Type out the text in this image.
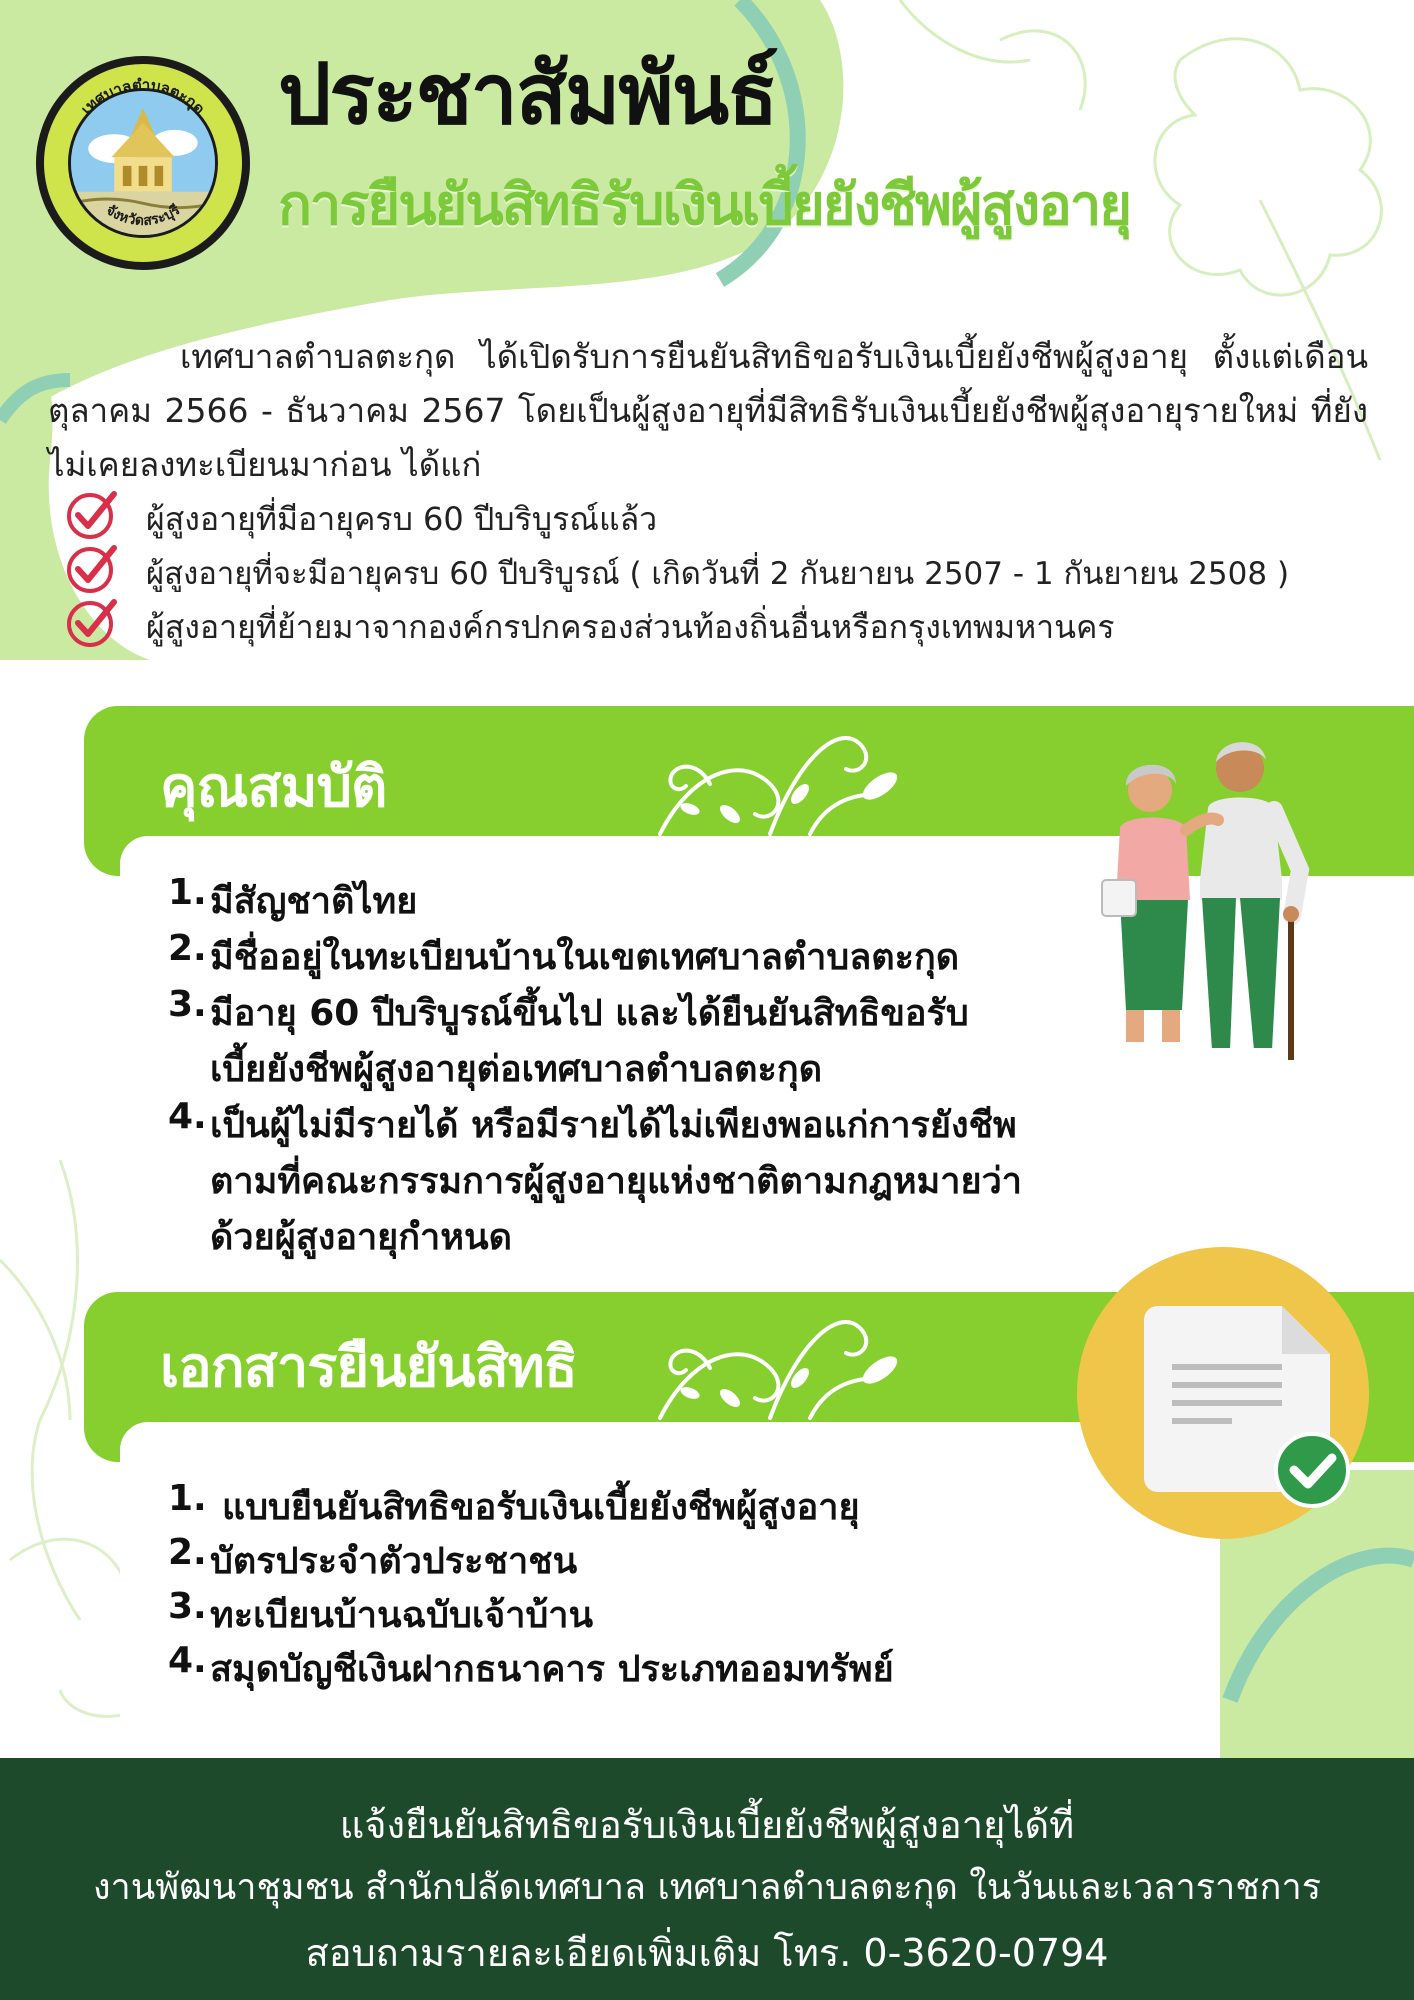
เทศบาลตำบลตะกุด
จังหวัดสระบุรี
ประชาสัมพันธ์
การยืนยันสิทธิรับเงินเบี้ยยังชีพผู้สูงอายุ
เทศบาลตำบลตะกุด ได้เปิดรับการยืนยันสิทธิขอรับเงินเบี้ยยังชีพผู้สูงอายุ ตั้งแต่เดือน ตุลาคม 2566 - ธันวาคม 2567 โดยเป็นผู้สูงอายุที่มีสิทธิรับเงินเบี้ยยังชีพผู้สุงอายุรายใหม่ ที่ยังไม่เคยลงทะเบียนมาก่อน ได้แก่
ผู้สูงอายุที่มีอายุครบ 60 ปีบริบูรณ์แล้ว
ผู้สูงอายุที่จะมีอายุครบ 60 ปีบริบูรณ์ ( เกิดวันที่ 2 กันยายน 2507 - 1 กันยายน 2508 )
ผู้สูงอายุที่ย้ายมาจากองค์กรปกครองส่วนท้องถิ่นอื่นหรือกรุงเทพมหานคร
คุณสมบัติ
1. มีสัญชาติไทย
2. มีชื่ออยู่ในทะเบียนบ้านในเขตเทศบาลตำบลตะกุด
3. มีอายุ 60 ปีบริบูรณ์ขึ้นไป และได้ยืนยันสิทธิขอรับ
เบี้ยยังชีพผู้สูงอายุต่อเทศบาลตำบลตะกุด
4. เป็นผู้ไม่มีรายได้ หรือมีรายได้ไม่เพียงพอแก่การยังชีพ
ตามที่คณะกรรมการผู้สูงอายุแห่งชาติตามกฎหมายว่า
ด้วยผู้สูงอายุกำหนด
เอกสารยืนยันสิทธิ
1. แบบยืนยันสิทธิขอรับเงินเบี้ยยังชีพผู้สูงอายุ
2. บัตรประจำตัวประชาชน
3. ทะเบียนบ้านฉบับเจ้าบ้าน
4. สมุดบัญชีเงินฝากธนาคาร ประเภทออมทรัพย์
แจ้งยืนยันสิทธิขอรับเงินเบี้ยยังชีพผู้สูงอายุได้ที่
งานพัฒนาชุมชน สำนักปลัดเทศบาล เทศบาลตำบลตะกุด ในวันและเวลาราชการ
สอบถามรายละเอียดเพิ่มเติม โทร. 0-3620-0794
